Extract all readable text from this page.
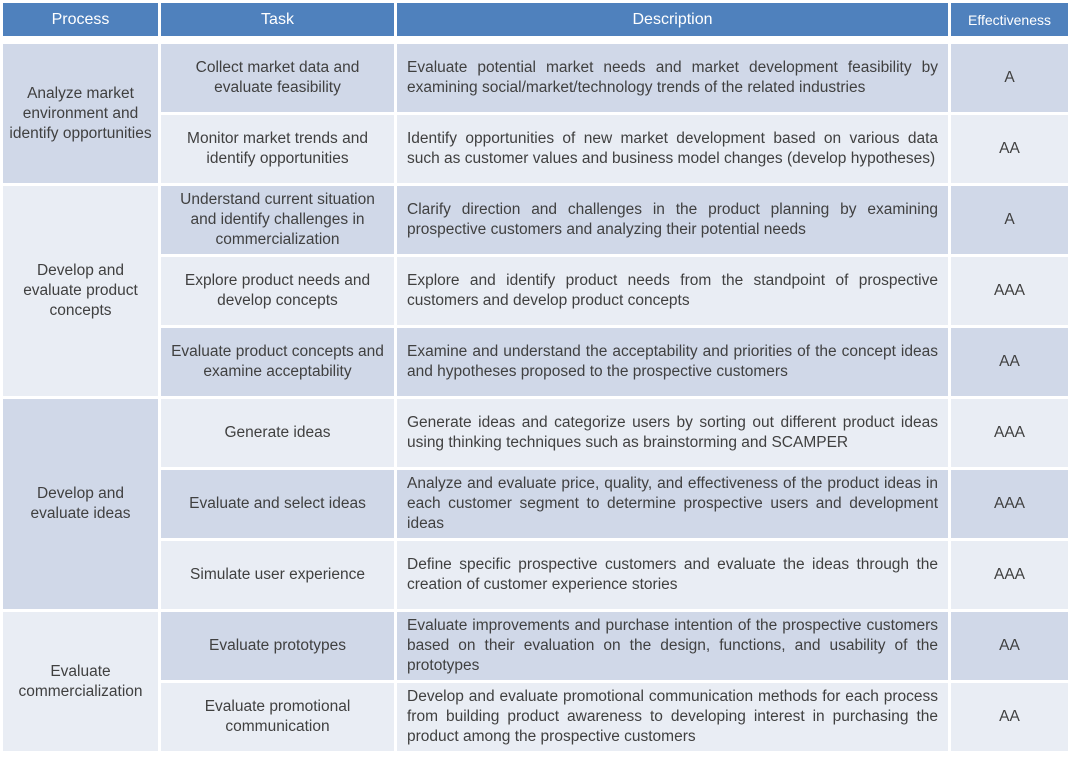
Process	Task	Description	Effectiveness

Analyze market environment and identify opportunities	Collect market data and evaluate feasibility	Evaluate potential market needs and market development feasibility by examining social/market/technology trends of the related industries	A
	Monitor market trends and identify opportunities	Identify opportunities of new market development based on various data such as customer values and business model changes (develop hypotheses)	AA
Develop and evaluate product concepts	Understand current situation and identify challenges in commercialization	Clarify direction and challenges in the product planning by examining prospective customers and analyzing their potential needs	A
	Explore product needs and develop concepts	Explore and identify product needs from the standpoint of prospective customers and develop product concepts	AAA
	Evaluate product concepts and examine acceptability	Examine and understand the acceptability and priorities of the concept ideas and hypotheses proposed to the prospective customers	AA
Develop and evaluate ideas	Generate ideas	Generate ideas and categorize users by sorting out different product ideas using thinking techniques such as brainstorming and SCAMPER	AAA
	Evaluate and select ideas	Analyze and evaluate price, quality, and effectiveness of the product ideas in each customer segment to determine prospective users and development ideas	AAA
	Simulate user experience	Define specific prospective customers and evaluate the ideas through the creation of customer experience stories	AAA
Evaluate commercialization	Evaluate prototypes	Evaluate improvements and purchase intention of the prospective customers based on their evaluation on the design, functions, and usability of the prototypes	AA
	Evaluate promotional communication	Develop and evaluate promotional communication methods for each process from building product awareness to developing interest in purchasing the product among the prospective customers	AA
